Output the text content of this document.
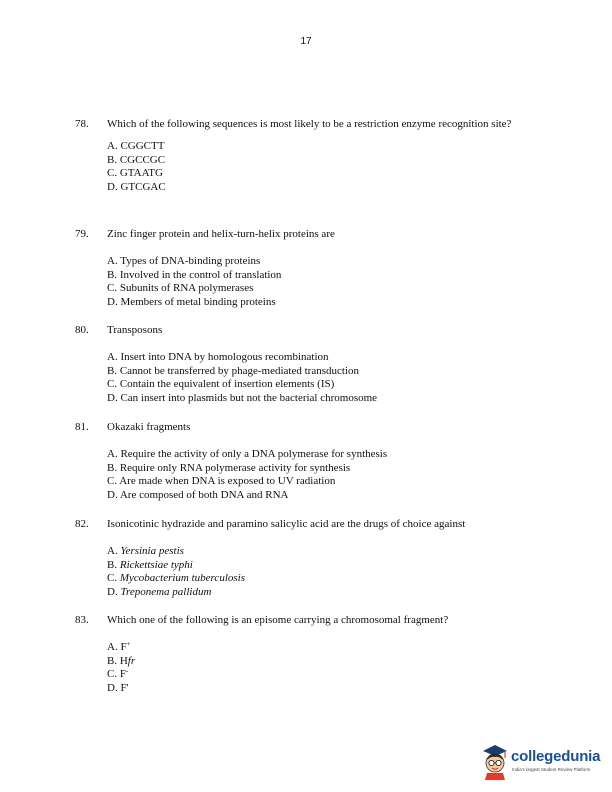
17
78. Which of the following sequences is most likely to be a restriction enzyme recognition site?
A. CGGCTT
B. CGCCGC
C. GTAATG
D. GTCGAC
79. Zinc finger protein and helix-turn-helix proteins are
A. Types of DNA-binding proteins
B. Involved in the control of translation
C. Subunits of RNA polymerases
D. Members of metal binding proteins
80. Transposons
A. Insert into DNA by homologous recombination
B. Cannot be transferred by phage-mediated transduction
C. Contain the equivalent of insertion elements (IS)
D. Can insert into plasmids but not the bacterial chromosome
81. Okazaki fragments
A. Require the activity of only a DNA polymerase for synthesis
B. Require only RNA polymerase activity for synthesis
C. Are made when DNA is exposed to UV radiation
D. Are composed of both DNA and RNA
82. Isonicotinic hydrazide and paramino salicylic acid are the drugs of choice against
A. Yersinia pestis
B. Rickettsiae typhi
C. Mycobacterium tuberculosis
D. Treponema pallidum
83. Which one of the following is an episome carrying a chromosomal fragment?
A. F+
B. Hfr
C. F-
D. F'
collegedunia
India's largest Student Review Platform
